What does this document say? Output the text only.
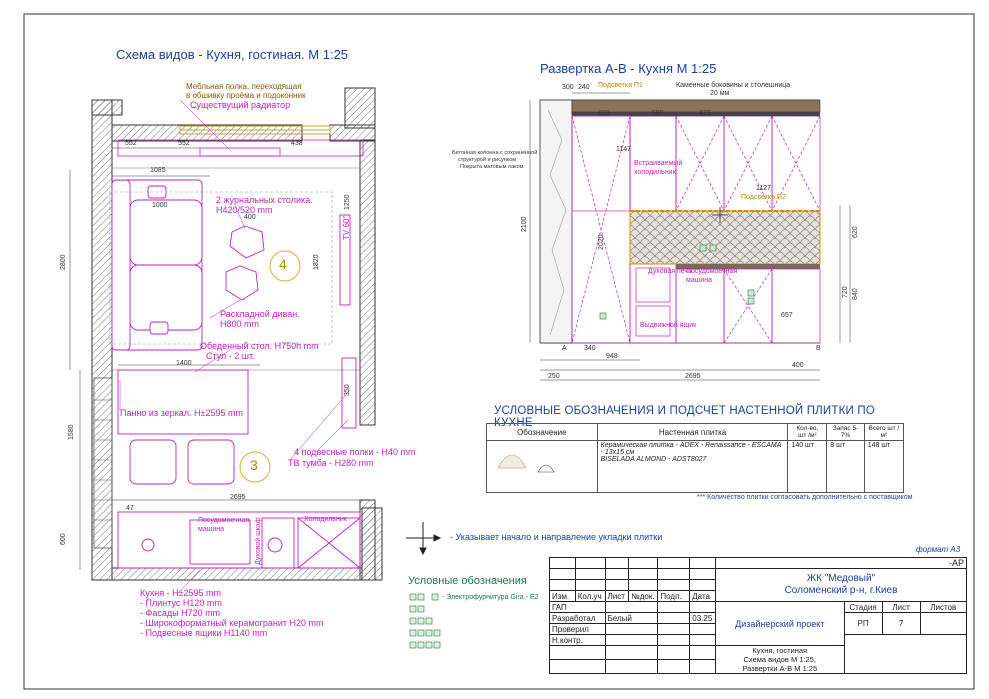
Схема видов - Кухня, гостиная. М 1:25
Мебльная полка, переходящая
в обшивку проёма и подоконник
Существущий радиатор
2 журнальных столика.
H420/520 mm
Раскладной диван.
H800 mm
Обеденный стол. H750h mm
Стул - 2 шт.
Панно из зеркал. H±2595 mm
4 подвесные полки - H40 mm
ТВ тумба - H280 mm
TV 60"
Посудомоечная
машина
Холодильник
Духовой шкаф
4
3
Кухня - H±2595 mm
- Плинтус H120 mm
- Фасады H720 mm
- Широкоформатный керамогранит H20 mm
- Подвесные ящики H1140 mm
552	552
1085
1000
438
400
2800
1400
2695
1580
1250
1820
350
47
600
Развертка А-В - Кухня М 1:25
Подсветка П1	Каменные боковины и столешница
20 мм
Бетонная колонна с сохранённой
структурой и рисунком
Покрыта матовым лаком	Встраиваемый
холодильник
Подсветка П2
Духовая печь
Посудомоечная
машина
Выдвижной ящик
А	В
300 240
600	580	476
1127
2020
2100
2695
250
948
340
400
840
720
620
1147
657
УСЛОВНЫЕ ОБОЗНАЧЕНИЯ И ПОДСЧЕТ НАСТЕННОЙ ПЛИТКИ ПО КУХНЕ
Обозначение	Настенная плитка	Кол-во, шт /м²	Запас 5-7%	Всего шт /м²

	Керамическая плитка - ADEX - Renaissance - ESCAMA - 13x15 см
BISELADA ALMOND - ADST8027	140 шт	8 шт	148 шт
*** Количество плитки согласовать дополнительно с поставщиком
- Указывает начало и направление укладки плитки
Условные обозначения
- Электрофурнитура Gira - E2
формат А3
						-АР			

						ЖК "Медовый"
Соломенский р-н, г.Киев			

Изм.	Кол.уч	Лист	№док.	Подп.	Дата				
ГАП						Дизайнерский проект	Стадия	Лист	Листов
Разработал		Белый			03.25		РП	7	
Проверил									
Н.контр.									

						Кухня, гостиная
Схема видов М 1:25,
Развертки А-В М 1:25			
